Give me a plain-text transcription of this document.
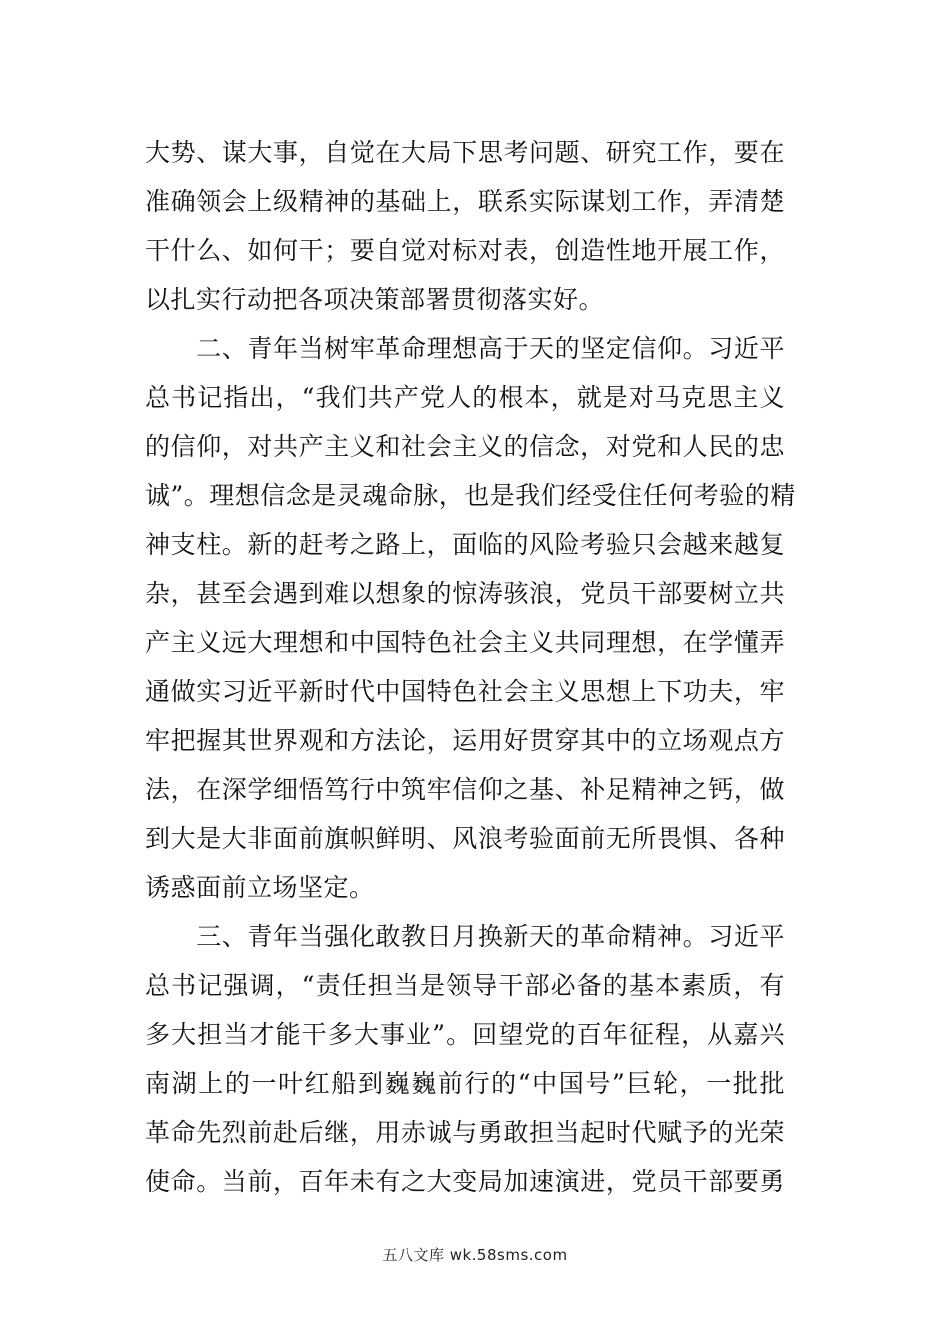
大势、谋大事，自觉在大局下思考问题、研究工作，要在
准确领会上级精神的基础上，联系实际谋划工作，弄清楚
干什么、如何干；要自觉对标对表，创造性地开展工作，
以扎实行动把各项决策部署贯彻落实好。
　　二、青年当树牢革命理想高于天的坚定信仰。习近平
总书记指出，“我们共产党人的根本，就是对马克思主义
的信仰，对共产主义和社会主义的信念，对党和人民的忠
诚”。理想信念是灵魂命脉，也是我们经受住任何考验的精
神支柱。新的赶考之路上，面临的风险考验只会越来越复
杂，甚至会遇到难以想象的惊涛骇浪，党员干部要树立共
产主义远大理想和中国特色社会主义共同理想，在学懂弄
通做实习近平新时代中国特色社会主义思想上下功夫，牢
牢把握其世界观和方法论，运用好贯穿其中的立场观点方
法，在深学细悟笃行中筑牢信仰之基、补足精神之钙，做
到大是大非面前旗帜鲜明、风浪考验面前无所畏惧、各种
诱惑面前立场坚定。
　　三、青年当强化敢教日月换新天的革命精神。习近平
总书记强调，“责任担当是领导干部必备的基本素质，有
多大担当才能干多大事业”。回望党的百年征程，从嘉兴
南湖上的一叶红船到巍巍前行的“中国号”巨轮，一批批
革命先烈前赴后继，用赤诚与勇敢担当起时代赋予的光荣
使命。当前，百年未有之大变局加速演进，党员干部要勇
五八文库 wk.58sms.com
